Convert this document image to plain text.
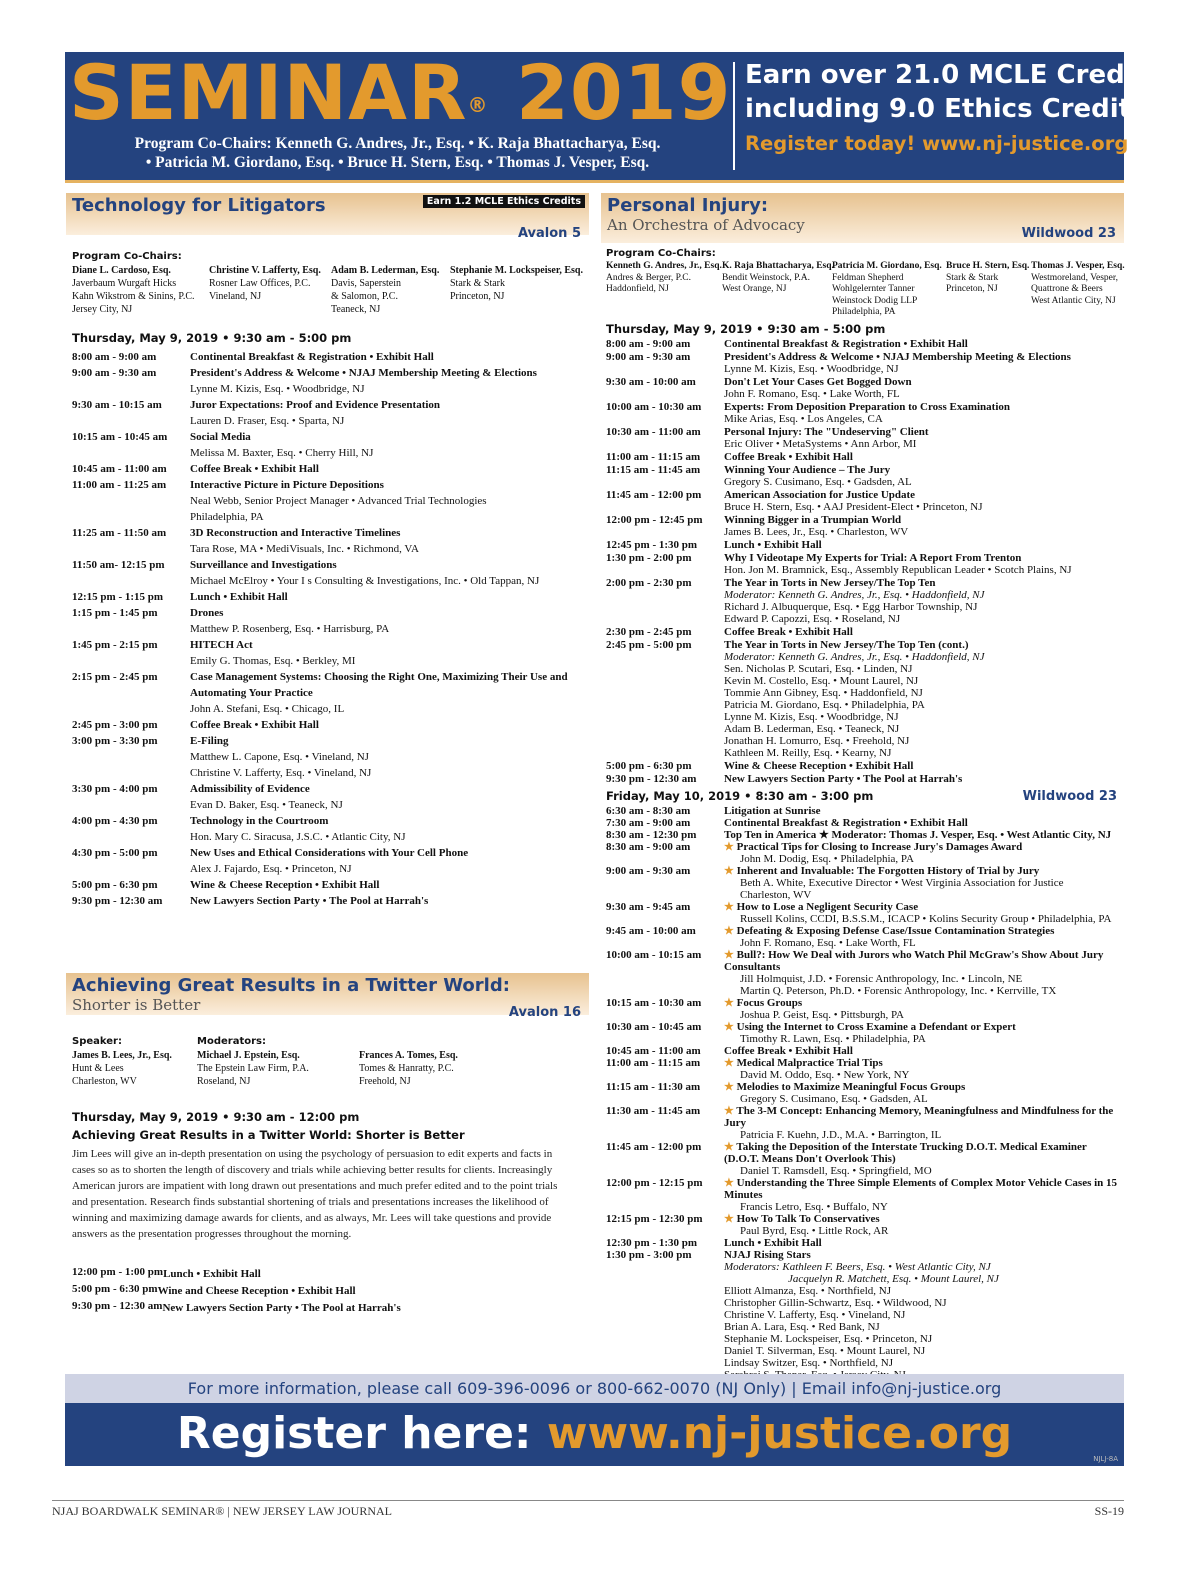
SEMINAR® 2019
Program Co-Chairs: Kenneth G. Andres, Jr., Esq. • K. Raja Bhattacharya, Esq.
• Patricia M. Giordano, Esq. • Bruce H. Stern, Esq. • Thomas J. Vesper, Esq.
Earn over 21.0 MCLE Credits
including 9.0 Ethics Credits!
Register today! www.nj-justice.org
Technology for Litigators	Earn 1.2 MCLE Ethics Credits
Avalon 5
Program Co-Chairs:
Diane L. Cardoso, Esq.
Javerbaum Wurgaft Hicks
Kahn Wikstrom & Sinins, P.C.
Jersey City, NJ
Christine V. Lafferty, Esq.
Rosner Law Offices, P.C.
Vineland, NJ
Adam B. Lederman, Esq.
Davis, Saperstein
& Salomon, P.C.
Teaneck, NJ
Stephanie M. Lockspeiser, Esq.
Stark & Stark
Princeton, NJ
Thursday, May 9, 2019 • 9:30 am - 5:00 pm
8:00 am - 9:00 am	Continental Breakfast & Registration • Exhibit Hall
9:00 am - 9:30 am	President's Address & Welcome • NJAJ Membership Meeting & Elections
Lynne M. Kizis, Esq. • Woodbridge, NJ
9:30 am - 10:15 am	Juror Expectations: Proof and Evidence Presentation
Lauren D. Fraser, Esq. • Sparta, NJ
10:15 am - 10:45 am	Social Media
Melissa M. Baxter, Esq. • Cherry Hill, NJ
10:45 am - 11:00 am	Coffee Break • Exhibit Hall
11:00 am - 11:25 am	Interactive Picture in Picture Depositions
Neal Webb, Senior Project Manager • Advanced Trial Technologies
Philadelphia, PA
11:25 am - 11:50 am	3D Reconstruction and Interactive Timelines
Tara Rose, MA • MediVisuals, Inc. • Richmond, VA
11:50 am- 12:15 pm	Surveillance and Investigations
Michael McElroy • Your I s Consulting & Investigations, Inc. • Old Tappan, NJ
12:15 pm - 1:15 pm	Lunch • Exhibit Hall
1:15 pm - 1:45 pm	Drones
Matthew P. Rosenberg, Esq. • Harrisburg, PA
1:45 pm - 2:15 pm	HITECH Act
Emily G. Thomas, Esq. • Berkley, MI
2:15 pm - 2:45 pm	Case Management Systems: Choosing the Right One, Maximizing Their Use and Automating Your Practice
John A. Stefani, Esq. • Chicago, IL
2:45 pm - 3:00 pm	Coffee Break • Exhibit Hall
3:00 pm - 3:30 pm	E-Filing
Matthew L. Capone, Esq. • Vineland, NJ
Christine V. Lafferty, Esq. • Vineland, NJ
3:30 pm - 4:00 pm	Admissibility of Evidence
Evan D. Baker, Esq. • Teaneck, NJ
4:00 pm - 4:30 pm	Technology in the Courtroom
Hon. Mary C. Siracusa, J.S.C. • Atlantic City, NJ
4:30 pm - 5:00 pm	New Uses and Ethical Considerations with Your Cell Phone
Alex J. Fajardo, Esq. • Princeton, NJ
5:00 pm - 6:30 pm	Wine & Cheese Reception • Exhibit Hall
9:30 pm - 12:30 am	New Lawyers Section Party • The Pool at Harrah's
Achieving Great Results in a Twitter World:
Shorter is Better	Avalon 16
Speaker:	Moderators:
James B. Lees, Jr., Esq.
Hunt & Lees
Charleston, WV
Michael J. Epstein, Esq.
The Epstein Law Firm, P.A.
Roseland, NJ
Frances A. Tomes, Esq.
Tomes & Hanratty, P.C.
Freehold, NJ
Thursday, May 9, 2019 • 9:30 am - 12:00 pm
Achieving Great Results in a Twitter World: Shorter is Better
Jim Lees will give an in-depth presentation on using the psychology of persuasion to edit experts and facts in cases so as to shorten the length of discovery and trials while achieving better results for clients. Increasingly American jurors are impatient with long drawn out presentations and much prefer edited and to the point trials and presentation. Research finds substantial shortening of trials and presentations increases the likelihood of winning and maximizing damage awards for clients, and as always, Mr. Lees will take questions and provide answers as the presentation progresses throughout the morning.
12:00 pm - 1:00 pm Lunch • Exhibit Hall
5:00 pm - 6:30 pm Wine and Cheese Reception • Exhibit Hall
9:30 pm - 12:30 am New Lawyers Section Party • The Pool at Harrah's
Personal Injury:
An Orchestra of Advocacy	Wildwood 23
Program Co-Chairs:
Kenneth G. Andres, Jr., Esq.
Andres & Berger, P.C.
Haddonfield, NJ
K. Raja Bhattacharya, Esq.
Bendit Weinstock, P.A.
West Orange, NJ
Patricia M. Giordano, Esq.
Feldman Shepherd
Wohlgelernter Tanner
Weinstock Dodig LLP
Philadelphia, PA
Bruce H. Stern, Esq.
Stark & Stark
Princeton, NJ
Thomas J. Vesper, Esq.
Westmoreland, Vesper,
Quattrone & Beers
West Atlantic City, NJ
Thursday, May 9, 2019 • 9:30 am - 5:00 pm
8:00 am - 9:00 am	Continental Breakfast & Registration • Exhibit Hall
9:00 am - 9:30 am	President's Address & Welcome • NJAJ Membership Meeting & Elections
Lynne M. Kizis, Esq. • Woodbridge, NJ
9:30 am - 10:00 am	Don't Let Your Cases Get Bogged Down
John F. Romano, Esq. • Lake Worth, FL
10:00 am - 10:30 am	Experts: From Deposition Preparation to Cross Examination
Mike Arias, Esq. • Los Angeles, CA
10:30 am - 11:00 am	Personal Injury: The "Undeserving" Client
Eric Oliver • MetaSystems • Ann Arbor, MI
11:00 am - 11:15 am	Coffee Break • Exhibit Hall
11:15 am - 11:45 am	Winning Your Audience – The Jury
Gregory S. Cusimano, Esq. • Gadsden, AL
11:45 am - 12:00 pm	American Association for Justice Update
Bruce H. Stern, Esq. • AAJ President-Elect • Princeton, NJ
12:00 pm - 12:45 pm	Winning Bigger in a Trumpian World
James B. Lees, Jr., Esq. • Charleston, WV
12:45 pm - 1:30 pm	Lunch • Exhibit Hall
1:30 pm - 2:00 pm	Why I Videotape My Experts for Trial: A Report From Trenton
Hon. Jon M. Bramnick, Esq., Assembly Republican Leader • Scotch Plains, NJ
2:00 pm - 2:30 pm	The Year in Torts in New Jersey/The Top Ten
Moderator: Kenneth G. Andres, Jr., Esq. • Haddonfield, NJ
Richard J. Albuquerque, Esq. • Egg Harbor Township, NJ
Edward P. Capozzi, Esq. • Roseland, NJ
2:30 pm - 2:45 pm	Coffee Break • Exhibit Hall
2:45 pm - 5:00 pm	The Year in Torts in New Jersey/The Top Ten (cont.)
Moderator: Kenneth G. Andres, Jr., Esq. • Haddonfield, NJ
Sen. Nicholas P. Scutari, Esq. • Linden, NJ
Kevin M. Costello, Esq. • Mount Laurel, NJ
Tommie Ann Gibney, Esq. • Haddonfield, NJ
Patricia M. Giordano, Esq. • Philadelphia, PA
Lynne M. Kizis, Esq. • Woodbridge, NJ
Adam B. Lederman, Esq. • Teaneck, NJ
Jonathan H. Lomurro, Esq. • Freehold, NJ
Kathleen M. Reilly, Esq. • Kearny, NJ
5:00 pm - 6:30 pm	Wine & Cheese Reception • Exhibit Hall
9:30 pm - 12:30 am	New Lawyers Section Party • The Pool at Harrah's
Friday, May 10, 2019 • 8:30 am - 3:00 pm	Wildwood 23
6:30 am - 8:30 am	Litigation at Sunrise
7:30 am - 9:00 am	Continental Breakfast & Registration • Exhibit Hall
8:30 am - 12:30 pm	Top Ten in America ★ Moderator: Thomas J. Vesper, Esq. • West Atlantic City, NJ
8:30 am - 9:00 am	★ Practical Tips for Closing to Increase Jury's Damages Award
John M. Dodig, Esq. • Philadelphia, PA
9:00 am - 9:30 am	★ Inherent and Invaluable: The Forgotten History of Trial by Jury
Beth A. White, Executive Director • West Virginia Association for Justice
Charleston, WV
9:30 am - 9:45 am	★ How to Lose a Negligent Security Case
Russell Kolins, CCDI, B.S.S.M., ICACP • Kolins Security Group • Philadelphia, PA
9:45 am - 10:00 am	★ Defeating & Exposing Defense Case/Issue Contamination Strategies
John F. Romano, Esq. • Lake Worth, FL
10:00 am - 10:15 am	★ Bull?: How We Deal with Jurors who Watch Phil McGraw's Show About Jury Consultants
Jill Holmquist, J.D. • Forensic Anthropology, Inc. • Lincoln, NE
Martin Q. Peterson, Ph.D. • Forensic Anthropology, Inc. • Kerrville, TX
10:15 am - 10:30 am	★ Focus Groups
Joshua P. Geist, Esq. • Pittsburgh, PA
10:30 am - 10:45 am	★ Using the Internet to Cross Examine a Defendant or Expert
Timothy R. Lawn, Esq. • Philadelphia, PA
10:45 am - 11:00 am	Coffee Break • Exhibit Hall
11:00 am - 11:15 am	★ Medical Malpractice Trial Tips
David M. Oddo, Esq. • New York, NY
11:15 am - 11:30 am	★ Melodies to Maximize Meaningful Focus Groups
Gregory S. Cusimano, Esq. • Gadsden, AL
11:30 am - 11:45 am	★ The 3-M Concept: Enhancing Memory, Meaningfulness and Mindfulness for the Jury
Patricia F. Kuehn, J.D., M.A. • Barrington, IL
11:45 am - 12:00 pm	★ Taking the Deposition of the Interstate Trucking D.O.T. Medical Examiner (D.O.T. Means Don't Overlook This)
Daniel T. Ramsdell, Esq. • Springfield, MO
12:00 pm - 12:15 pm	★ Understanding the Three Simple Elements of Complex Motor Vehicle Cases in 15 Minutes
Francis Letro, Esq. • Buffalo, NY
12:15 pm - 12:30 pm	★ How To Talk To Conservatives
Paul Byrd, Esq. • Little Rock, AR
12:30 pm - 1:30 pm	Lunch • Exhibit Hall
1:30 pm - 3:00 pm	NJAJ Rising Stars
Moderators: Kathleen F. Beers, Esq. • West Atlantic City, NJ
Jacquelyn R. Matchett, Esq. • Mount Laurel, NJ
Elliott Almanza, Esq. • Northfield, NJ
Christopher Gillin-Schwartz, Esq. • Wildwood, NJ
Christine V. Lafferty, Esq. • Vineland, NJ
Brian A. Lara, Esq. • Red Bank, NJ
Stephanie M. Lockspeiser, Esq. • Princeton, NJ
Daniel T. Silverman, Esq. • Mount Laurel, NJ
Lindsay Switzer, Esq. • Northfield, NJ
For more information, please call 609-396-0096 or 800-662-0070 (NJ Only) | Email info@nj-justice.org
Register here: www.nj-justice.org	NJLJ-8A
NJAJ BOARDWALK SEMINAR® | NEW JERSEY LAW JOURNAL	SS-19
